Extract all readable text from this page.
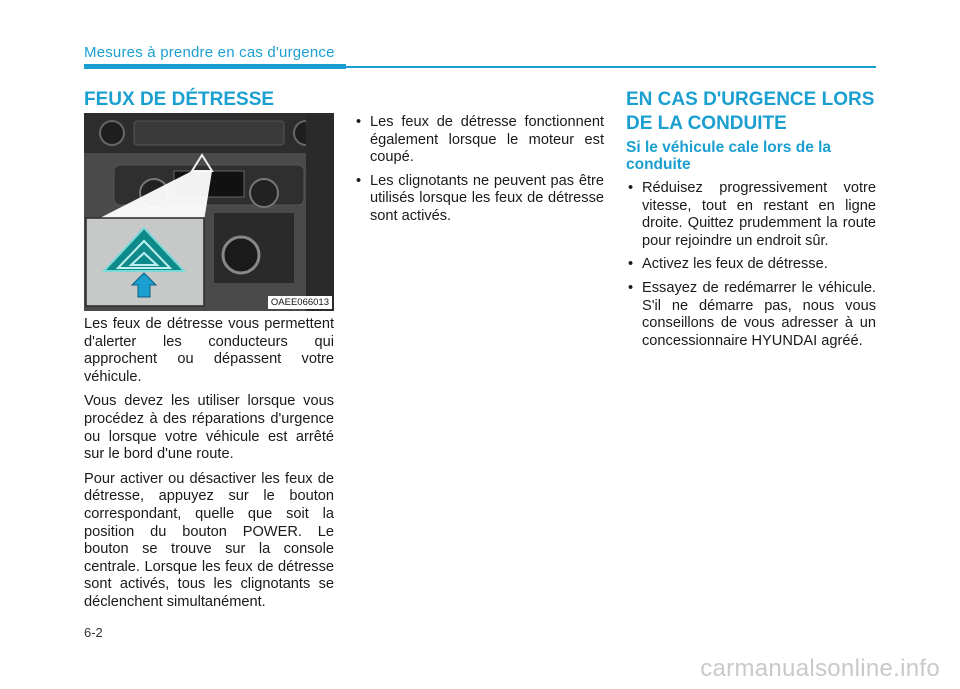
Mesures à prendre en cas d'urgence
FEUX DE DÉTRESSE
OAEE066013

Les feux de détresse vous permettent d'alerter les conducteurs qui approchent ou dépassent votre véhicule.

Vous devez les utiliser lorsque vous procédez à des réparations d'urgence ou lorsque votre véhicule est arrêté sur le bord d'une route.

Pour activer ou désactiver les feux de détresse, appuyez sur le bouton correspondant, quelle que soit la position du bouton POWER. Le bouton se trouve sur la console centrale. Lorsque les feux de détresse sont activés, tous les clignotants se déclenchent simultanément.

• Les feux de détresse fonctionnent également lorsque le moteur est coupé.
• Les clignotants ne peuvent pas être utilisés lorsque les feux de détresse sont activés.
EN CAS D'URGENCE LORS
DE LA CONDUITE
Si le véhicule cale lors de la conduite
• Réduisez progressivement votre vitesse, tout en restant en ligne droite. Quittez prudemment la route pour rejoindre un endroit sûr.
• Activez les feux de détresse.
• Essayez de redémarrer le véhicule. S'il ne démarre pas, nous vous conseillons de vous adresser à un concessionnaire HYUNDAI agréé.
6-2
carmanualsonline.info
